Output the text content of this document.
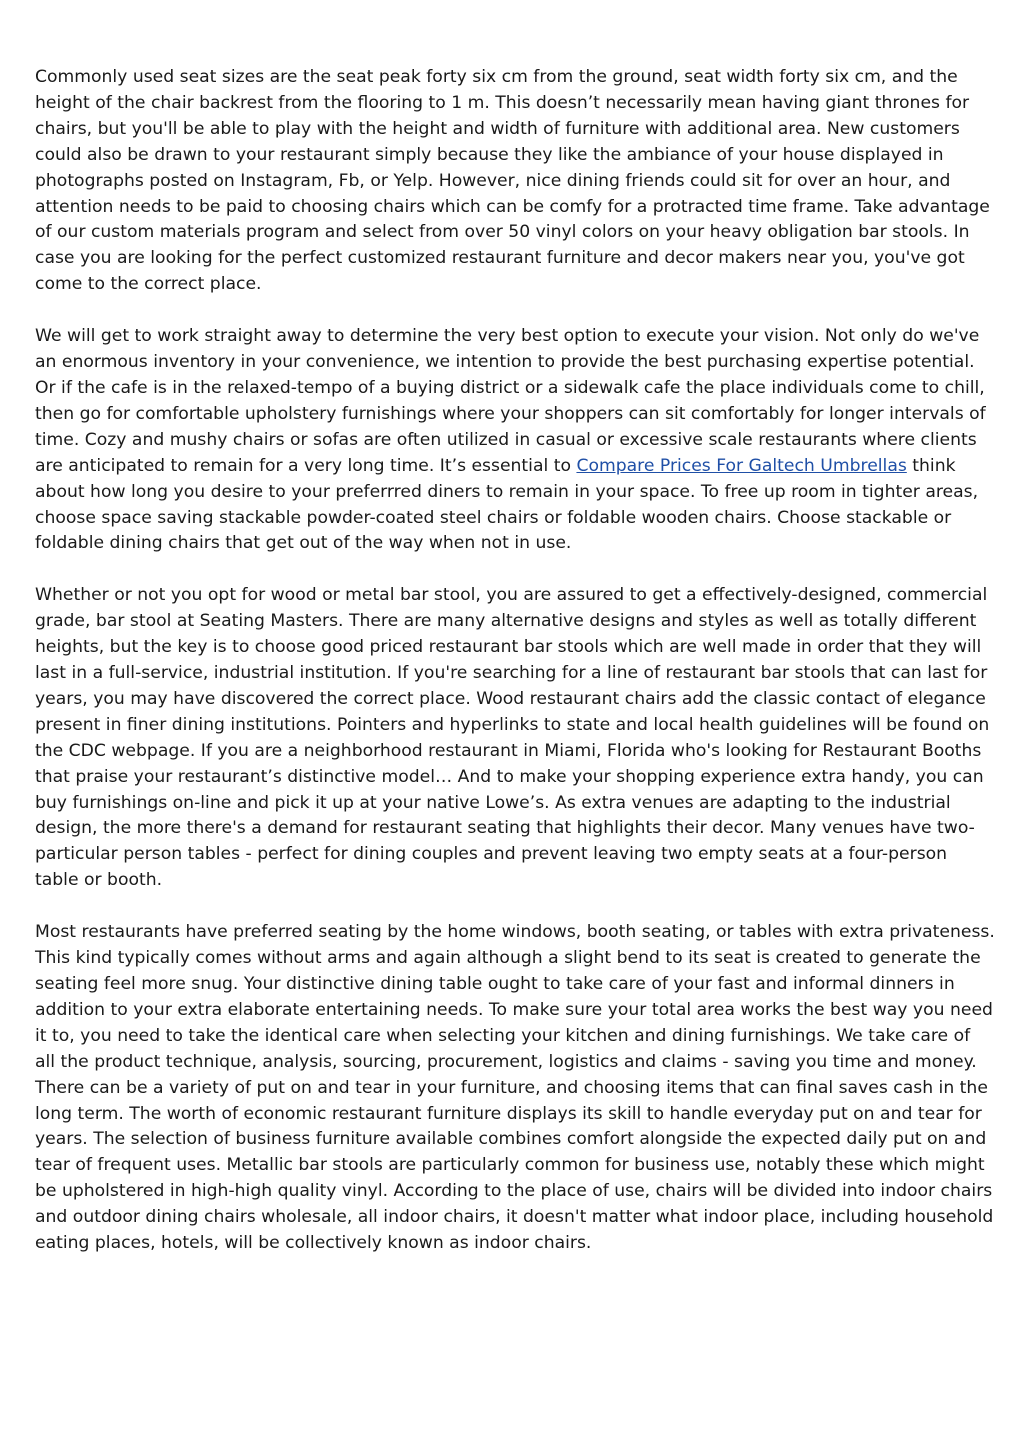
Commonly used seat sizes are the seat peak forty six cm from the ground, seat width forty six cm, and the height of the chair backrest from the flooring to 1 m. This doesn’t necessarily mean having giant thrones for chairs, but you'll be able to play with the height and width of furniture with additional area. New customers could also be drawn to your restaurant simply because they like the ambiance of your house displayed in photographs posted on Instagram, Fb, or Yelp. However, nice dining friends could sit for over an hour, and attention needs to be paid to choosing chairs which can be comfy for a protracted time frame. Take advantage of our custom materials program and select from over 50 vinyl colors on your heavy obligation bar stools. In case you are looking for the perfect customized restaurant furniture and decor makers near you, you've got come to the correct place.

We will get to work straight away to determine the very best option to execute your vision. Not only do we've an enormous inventory in your convenience, we intention to provide the best purchasing expertise potential. Or if the cafe is in the relaxed-tempo of a buying district or a sidewalk cafe the place individuals come to chill, then go for comfortable upholstery furnishings where your shoppers can sit comfortably for longer intervals of time. Cozy and mushy chairs or sofas are often utilized in casual or excessive scale restaurants where clients are anticipated to remain for a very long time. It’s essential to Compare Prices For Galtech Umbrellas think about how long you desire to your preferrred diners to remain in your space. To free up room in tighter areas, choose space saving stackable powder-coated steel chairs or foldable wooden chairs. Choose stackable or foldable dining chairs that get out of the way when not in use.

Whether or not you opt for wood or metal bar stool, you are assured to get a effectively-designed, commercial grade, bar stool at Seating Masters. There are many alternative designs and styles as well as totally different heights, but the key is to choose good priced restaurant bar stools which are well made in order that they will last in a full-service, industrial institution. If you're searching for a line of restaurant bar stools that can last for years, you may have discovered the correct place. Wood restaurant chairs add the classic contact of elegance present in finer dining institutions. Pointers and hyperlinks to state and local health guidelines will be found on the CDC webpage. If you are a neighborhood restaurant in Miami, Florida who's looking for Restaurant Booths that praise your restaurant’s distinctive model… And to make your shopping experience extra handy, you can buy furnishings on-line and pick it up at your native Lowe’s. As extra venues are adapting to the industrial design, the more there's a demand for restaurant seating that highlights their decor. Many venues have two-particular person tables - perfect for dining couples and prevent leaving two empty seats at a four-person table or booth.

Most restaurants have preferred seating by the home windows, booth seating, or tables with extra privateness. This kind typically comes without arms and again although a slight bend to its seat is created to generate the seating feel more snug. Your distinctive dining table ought to take care of your fast and informal dinners in addition to your extra elaborate entertaining needs. To make sure your total area works the best way you need it to, you need to take the identical care when selecting your kitchen and dining furnishings. We take care of all the product technique, analysis, sourcing, procurement, logistics and claims - saving you time and money. There can be a variety of put on and tear in your furniture, and choosing items that can final saves cash in the long term. The worth of economic restaurant furniture displays its skill to handle everyday put on and tear for years. The selection of business furniture available combines comfort alongside the expected daily put on and tear of frequent uses. Metallic bar stools are particularly common for business use, notably these which might be upholstered in high-high quality vinyl. According to the place of use, chairs will be divided into indoor chairs and outdoor dining chairs wholesale, all indoor chairs, it doesn't matter what indoor place, including household eating places, hotels, will be collectively known as indoor chairs.
